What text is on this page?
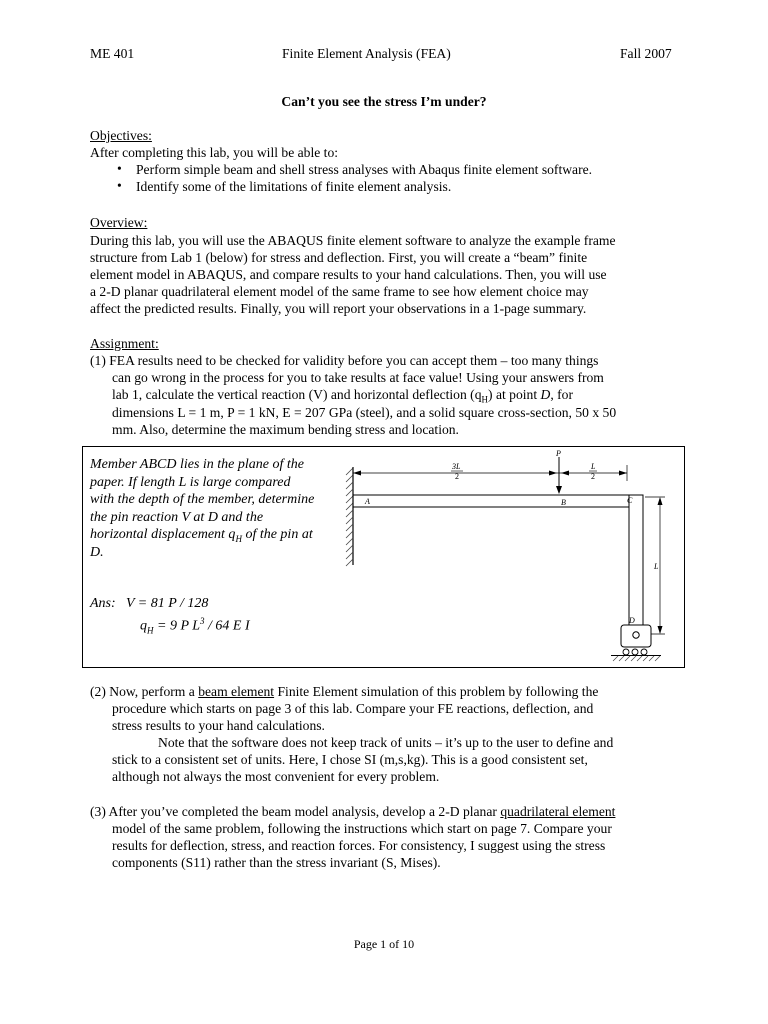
ME 401	Finite Element Analysis (FEA)	Fall 2007
Can’t you see the stress I’m under?
Objectives:
After completing this lab, you will be able to:
• Perform simple beam and shell stress analyses with Abaqus finite element software.
• Identify some of the limitations of finite element analysis.
Overview:
During this lab, you will use the ABAQUS finite element software to analyze the example frame
structure from Lab 1 (below) for stress and deflection. First, you will create a “beam” finite
element model in ABAQUS, and compare results to your hand calculations. Then, you will use
a 2-D planar quadrilateral element model of the same frame to see how element choice may
affect the predicted results. Finally, you will report your observations in a 1-page summary.
Assignment:
(1) FEA results need to be checked for validity before you can accept them – too many things
can go wrong in the process for you to take results at face value! Using your answers from
lab 1, calculate the vertical reaction (V) and horizontal deflection $(q_H)$ at point D, for
dimensions L = 1 m, P = 1 kN, E = 207 GPa (steel), and a solid square cross-section, 50 x 50
mm. Also, determine the maximum bending stress and location.
Member ABCD lies in the plane of the
paper. If length L is large compared
with the depth of the member, determine
the pin reaction V at D and the
horizontal displacement $q_H$ of the pin at
D.
Ans: V = 81 P / 128
$q_H = 9$ P $L^3 / 64$ E I
P
3L
2
L
2
A	B	C
D
L
(2) Now, perform a beam element Finite Element simulation of this problem by following the
procedure which starts on page 3 of this lab. Compare your FE reactions, deflection, and
stress results to your hand calculations.
Note that the software does not keep track of units – it’s up to the user to define and
stick to a consistent set of units. Here, I chose SI (m,s,kg). This is a good consistent set,
although not always the most convenient for every problem.
(3) After you’ve completed the beam model analysis, develop a 2-D planar quadrilateral element
model of the same problem, following the instructions which start on page 7. Compare your
results for deflection, stress, and reaction forces. For consistency, I suggest using the stress
components (S11) rather than the stress invariant (S, Mises).
Page 1 of 10
